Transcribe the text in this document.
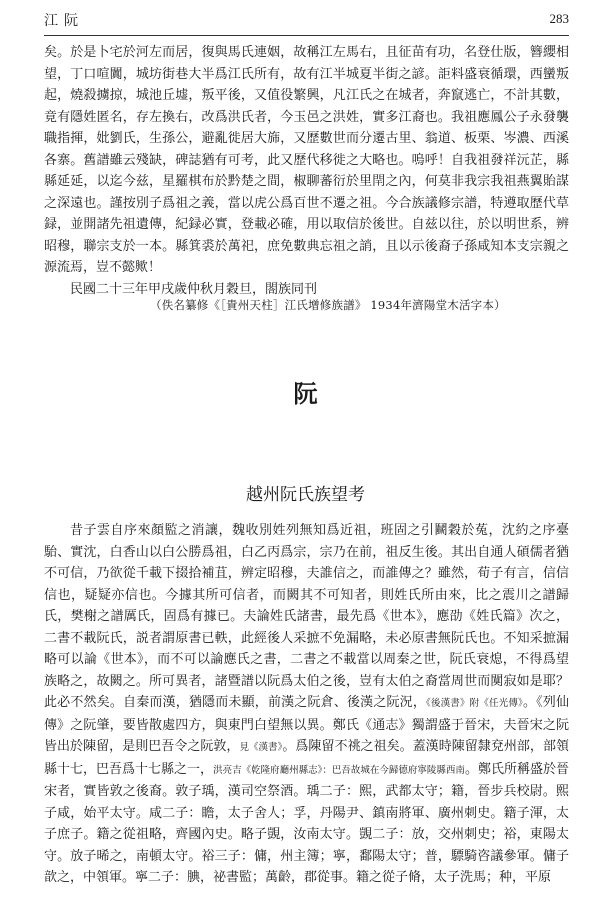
江阮	283

矣。於是卜宅於河左而居，復與馬氏連姻，故稱江左馬右，且征苗有功，名登仕版，簪纓相望，丁口喧闐，城坊街巷大半爲江氏所有，故有江半城夏半街之諺。詎料盛衰循環，西蠻叛起，燒殺擄掠，城池丘墟，叛平後，又值役繁興，凡江氏之在城者，奔竄逃亡，不計其數，竟有隱姓匿名，存左換右，改爲洪氏者，今玉邑之洪姓，實多江裔也。我祖應鳳公子永發襲職指揮，妣劉氏，生孫公，避亂徙居大旆，又歷數世而分遷古里、翁道、板栗、岑濃、西溪各寨。舊譜雖云殘缺，碑誌猶有可考，此又歷代移徙之大略也。嗚呼！自我祖發祥沅芷，縣縣延延，以迄今兹，星羅棋布於黔楚之間，椒聊蕃衍於里閈之內，何莫非我宗我祖燕翼貽謀之深遠也。謹按別子爲祖之義，當以虎公爲百世不遷之祖。今合族議修宗譜，特遵取歷代草録，並開諸先祖遺傳，紀録必實，登載必確，用以取信於後世。自兹以往，於以明世系，辨昭穆，聯宗支於一本。縣箕裘於萬祀，庶免數典忘祖之誚，且以示後裔子孫咸知本支宗親之源流焉，豈不懿歟！

民國二十三年甲戌歲仲秋月穀旦，閤族同刊

（佚名纂修《［貴州天柱］江氏增修族譜》 1934年濟陽堂木活字本）
阮
越州阮氏族望考

昔子雲自序來顏監之消讓，魏收別姓列無知爲近祖，班固之引鬭穀於菟，沈約之序臺駘、實沈，白香山以白公勝爲祖，白乙丙爲宗，宗乃在前，祖反生後。其出自通人碩儒者猶不可信，乃欲從千載下掇拾補苴，辨定昭穆，夫誰信之，而誰傳之？雖然，荀子有言，信信信也，疑疑亦信也。今據其所可信者，而闕其不可知者，則姓氏所由來，比之震川之譜歸氏，樊榭之譜厲氏，固爲有據已。夫論姓氏諸書，最先爲《世本》，應劭《姓氏篇》次之，二書不載阮氏，説者謂原書已軼，此經後人采摭不免漏略，未必原書無阮氏也。不知采摭漏略可以論《世本》，而不可以論應氏之書，二書之不載當以周秦之世，阮氏衰熄，不得爲望族略之，故闕之。所可異者，諸暨譜以阮爲太伯之後，豈有太伯之裔當周世而闃寂如是耶？此必不然矣。自秦而漢，猶隱而未顯，前漢之阮倉、後漢之阮況，《後漢書》附《任光傳》。《列仙傳》之阮肇，要皆散處四方，與東門白望無以異。鄭氏《通志》獨謂盛于晉宋，夫晉宋之阮皆出於陳留，是則巴吾令之阮敦，見《漢書》。爲陳留不祧之祖矣。蓋漢時陳留隸兗州部，部領縣十七，巴吾爲十七縣之一，洪亮吉《乾隆府廳州縣志》：巴吾故城在今歸德府寧陵縣西南。鄭氏所稱盛於晉宋者，實皆敦之後裔。敦子瑀，漢司空祭酒。瑀二子：熙，武都太守；籍，晉步兵校尉。熙子咸，始平太守。咸二子：瞻，太子舍人；孚，丹陽尹、鎮南將軍、廣州刺史。籍子渾，太子庶子。籍之從祖略，齊國內史。略子覬，汝南太守。覬二子：放，交州刺史；裕，東陽太守。放子晞之，南頓太守。裕三子：傭，州主簿；寧，鄱陽太守；普，驃騎咨議參軍。傭子歆之，中領軍。寧二子：腆，祕書監；萬齡，郡從事。籍之從子脩，太子洗馬；种，平原
